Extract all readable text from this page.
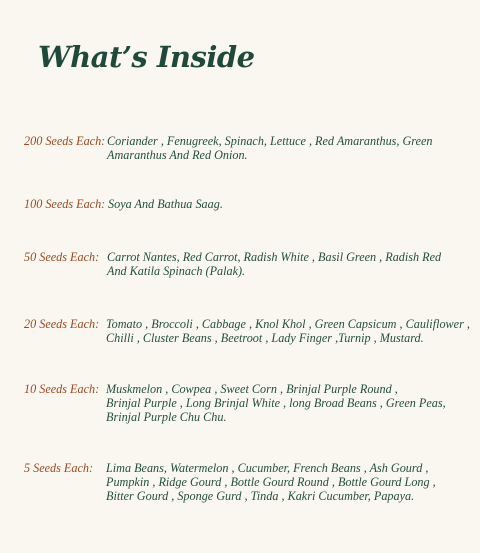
What’s Inside
200 Seeds Each: Coriander , Fenugreek, Spinach, Lettuce , Red Amaranthus, Green
Amaranthus And Red Onion.
100 Seeds Each: Soya And Bathua Saag.
50 Seeds Each: Carrot Nantes, Red Carrot, Radish White , Basil Green , Radish Red
And Katila Spinach (Palak).
20 Seeds Each: Tomato , Broccoli , Cabbage , Knol Khol , Green Capsicum , Cauliflower ,
Chilli , Cluster Beans , Beetroot , Lady Finger ,Turnip , Mustard.
10 Seeds Each: Muskmelon , Cowpea , Sweet Corn , Brinjal Purple Round ,
Brinjal Purple , Long Brinjal White , long Broad Beans , Green Peas,
Brinjal Purple Chu Chu.
5 Seeds Each: Lima Beans, Watermelon , Cucumber, French Beans , Ash Gourd ,
Pumpkin , Ridge Gourd , Bottle Gourd Round , Bottle Gourd Long ,
Bitter Gourd , Sponge Gurd , Tinda , Kakri Cucumber, Papaya.
